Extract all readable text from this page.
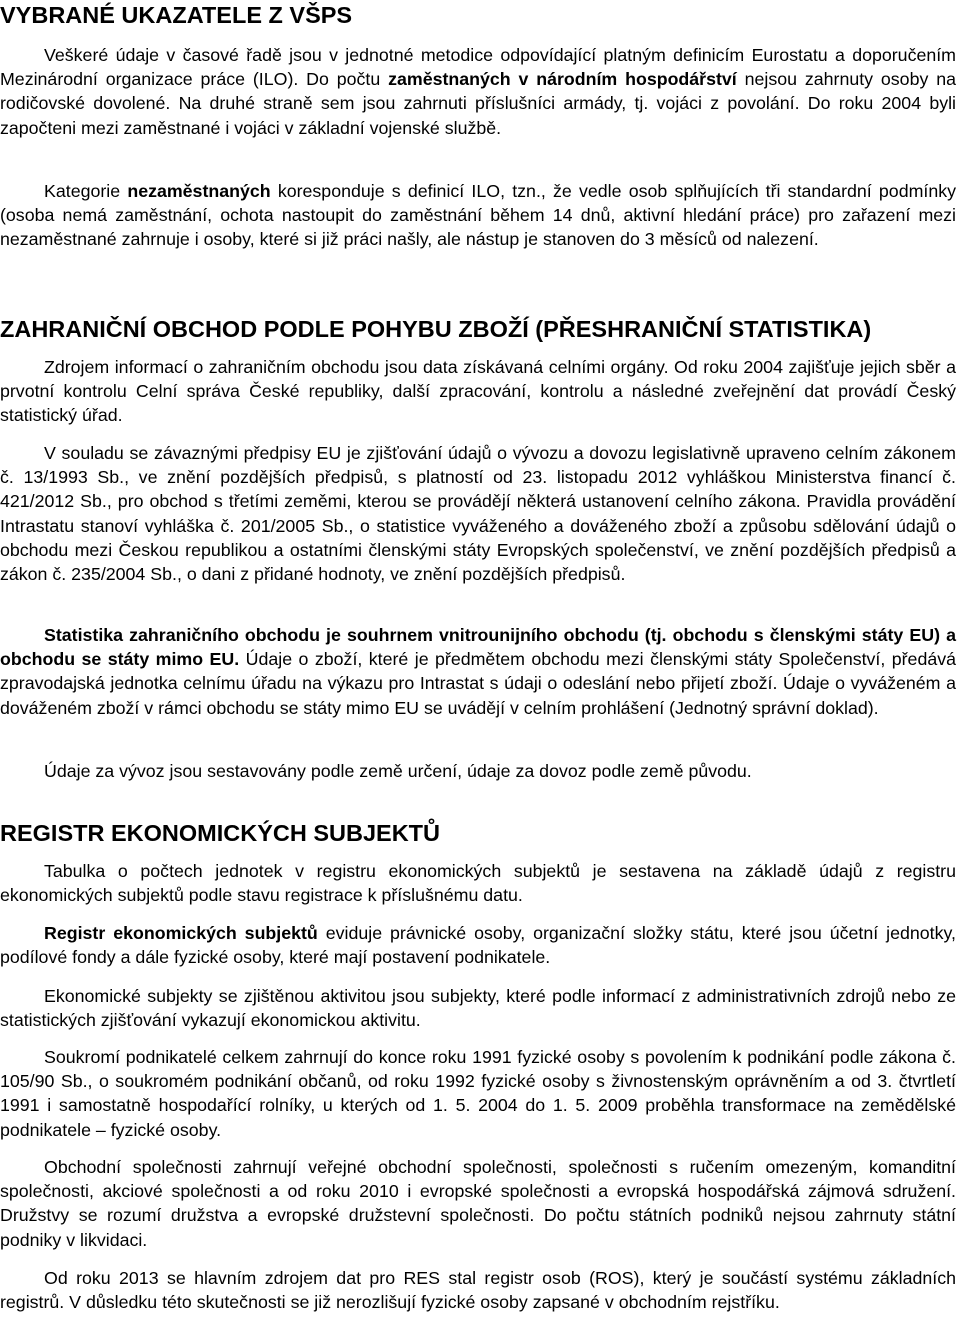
VYBRANÉ UKAZATELE Z VŠPS
Veškeré údaje v časové řadě jsou v jednotné metodice odpovídající platným definicím Eurostatu a doporučením Mezinárodní organizace práce (ILO). Do počtu zaměstnaných v národním hospodářství nejsou zahrnuty osoby na rodičovské dovolené. Na druhé straně sem jsou zahrnuti příslušníci armády, tj. vojáci z povolání. Do roku 2004 byli započteni mezi zaměstnané i vojáci v základní vojenské službě.
Kategorie nezaměstnaných koresponduje s definicí ILO, tzn., že vedle osob splňujících tři standardní podmínky (osoba nemá zaměstnání, ochota nastoupit do zaměstnání během 14 dnů, aktivní hledání práce) pro zařazení mezi nezaměstnané zahrnuje i osoby, které si již práci našly, ale nástup je stanoven do 3 měsíců od nalezení.
ZAHRANIČNÍ OBCHOD PODLE POHYBU ZBOŽÍ (PŘESHRANIČNÍ STATISTIKA)
Zdrojem informací o zahraničním obchodu jsou data získávaná celními orgány. Od roku 2004 zajišťuje jejich sběr a prvotní kontrolu Celní správa České republiky, další zpracování, kontrolu a následné zveřejnění dat provádí Český statistický úřad.
V souladu se závaznými předpisy EU je zjišťování údajů o vývozu a dovozu legislativně upraveno celním zákonem č. 13/1993 Sb., ve znění pozdějších předpisů, s platností od 23. listopadu 2012 vyhláškou Ministerstva financí č. 421/2012 Sb., pro obchod s třetími zeměmi, kterou se provádějí některá ustanovení celního zákona. Pravidla provádění Intrastatu stanoví vyhláška č. 201/2005 Sb., o statistice vyváženého a dováženého zboží a způsobu sdělování údajů o obchodu mezi Českou republikou a ostatními členskými státy Evropských společenství, ve znění pozdějších předpisů a zákon č. 235/2004 Sb., o dani z přidané hodnoty, ve znění pozdějších předpisů.
Statistika zahraničního obchodu je souhrnem vnitrounijního obchodu (tj. obchodu s členskými státy EU) a obchodu se státy mimo EU. Údaje o zboží, které je předmětem obchodu mezi členskými státy Společenství, předává zpravodajská jednotka celnímu úřadu na výkazu pro Intrastat s údaji o odeslání nebo přijetí zboží. Údaje o vyváženém a dováženém zboží v rámci obchodu se státy mimo EU se uvádějí v celním prohlášení (Jednotný správní doklad).
Údaje za vývoz jsou sestavovány podle země určení, údaje za dovoz podle země původu.
REGISTR EKONOMICKÝCH SUBJEKTŮ
Tabulka o počtech jednotek v registru ekonomických subjektů je sestavena na základě údajů z registru ekonomických subjektů podle stavu registrace k příslušnému datu.
Registr ekonomických subjektů eviduje právnické osoby, organizační složky státu, které jsou účetní jednotky, podílové fondy a dále fyzické osoby, které mají postavení podnikatele.
Ekonomické subjekty se zjištěnou aktivitou jsou subjekty, které podle informací z administrativních zdrojů nebo ze statistických zjišťování vykazují ekonomickou aktivitu.
Soukromí podnikatelé celkem zahrnují do konce roku 1991 fyzické osoby s povolením k podnikání podle zákona č. 105/90 Sb., o soukromém podnikání občanů, od roku 1992 fyzické osoby s živnostenským oprávněním a od 3. čtvrtletí 1991 i samostatně hospodařící rolníky, u kterých od 1. 5. 2004 do 1. 5. 2009 proběhla transformace na zemědělské podnikatele – fyzické osoby.
Obchodní společnosti zahrnují veřejné obchodní společnosti, společnosti s ručením omezeným, komanditní společnosti, akciové společnosti a od roku 2010 i evropské společnosti a evropská hospodářská zájmová sdružení. Družstvy se rozumí družstva a evropské družstevní společnosti. Do počtu státních podniků nejsou zahrnuty státní podniky v likvidaci.
Od roku 2013 se hlavním zdrojem dat pro RES stal registr osob (ROS), který je součástí systému základních registrů. V důsledku této skutečnosti se již nerozlišují fyzické osoby zapsané v obchodním rejstříku.
